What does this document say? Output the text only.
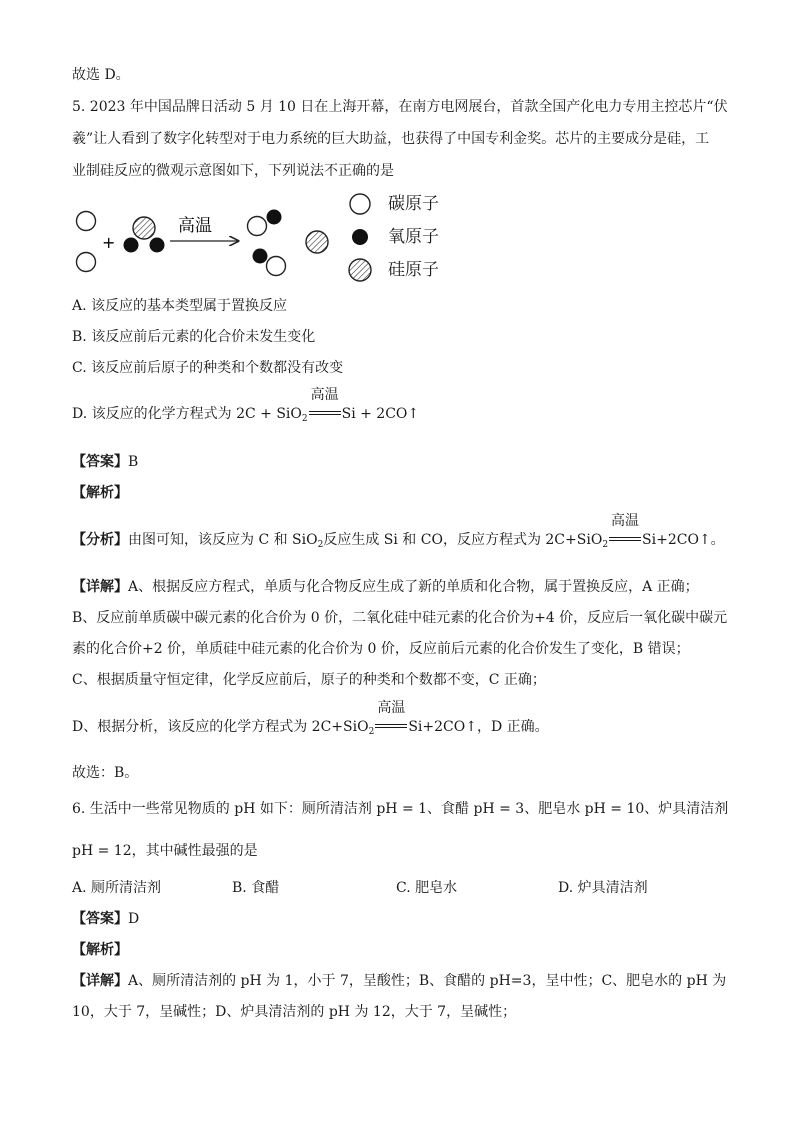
故选 D。
5. 2023 年中国品牌日活动 5 月 10 日在上海开幕，在南方电网展台，首款全国产化电力专用主控芯片“伏
羲”让人看到了数字化转型对于电力系统的巨大助益，也获得了中国专利金奖。芯片的主要成分是硅，工
业制硅反应的微观示意图如下，下列说法不正确的是
+
高温
碳原子
氧原子
硅原子
A. 该反应的基本类型属于置换反应
B. 该反应前后元素的化合价未发生变化
C. 该反应前后原子的种类和个数都没有改变
D. 该反应的化学方程式为 2C + SiO$_2$
高温
Si + 2CO↑
【答案】B
【解析】
【分析】由图可知，该反应为 C 和 SiO$_2$反应生成 Si 和 CO，反应方程式为 2C+SiO$_2$
高温
Si+2CO↑。
【详解】A、根据反应方程式，单质与化合物反应生成了新的单质和化合物，属于置换反应，A 正确；
B、反应前单质碳中碳元素的化合价为 0 价，二氧化硅中硅元素的化合价为+4 价，反应后一氧化碳中碳元
素的化合价+2 价，单质硅中硅元素的化合价为 0 价，反应前后元素的化合价发生了变化，B 错误；
C、根据质量守恒定律，化学反应前后，原子的种类和个数都不变，C 正确；
D、根据分析，该反应的化学方程式为 2C+SiO$_2$
高温
Si+2CO↑，D 正确。
故选：B。
6. 生活中一些常见物质的 pH 如下：厕所清洁剂 pH = 1、食醋 pH = 3、肥皂水 pH = 10、炉具清洁剂
pH = 12，其中碱性最强的是
A. 厕所清洁剂	B. 食醋	C. 肥皂水	D. 炉具清洁剂
【答案】D
【解析】
【详解】A、厕所清洁剂的 pH 为 1，小于 7，呈酸性；B、食醋的 pH=3，呈中性；C、肥皂水的 pH 为
10，大于 7，呈碱性；D、炉具清洁剂的 pH 为 12，大于 7，呈碱性；
